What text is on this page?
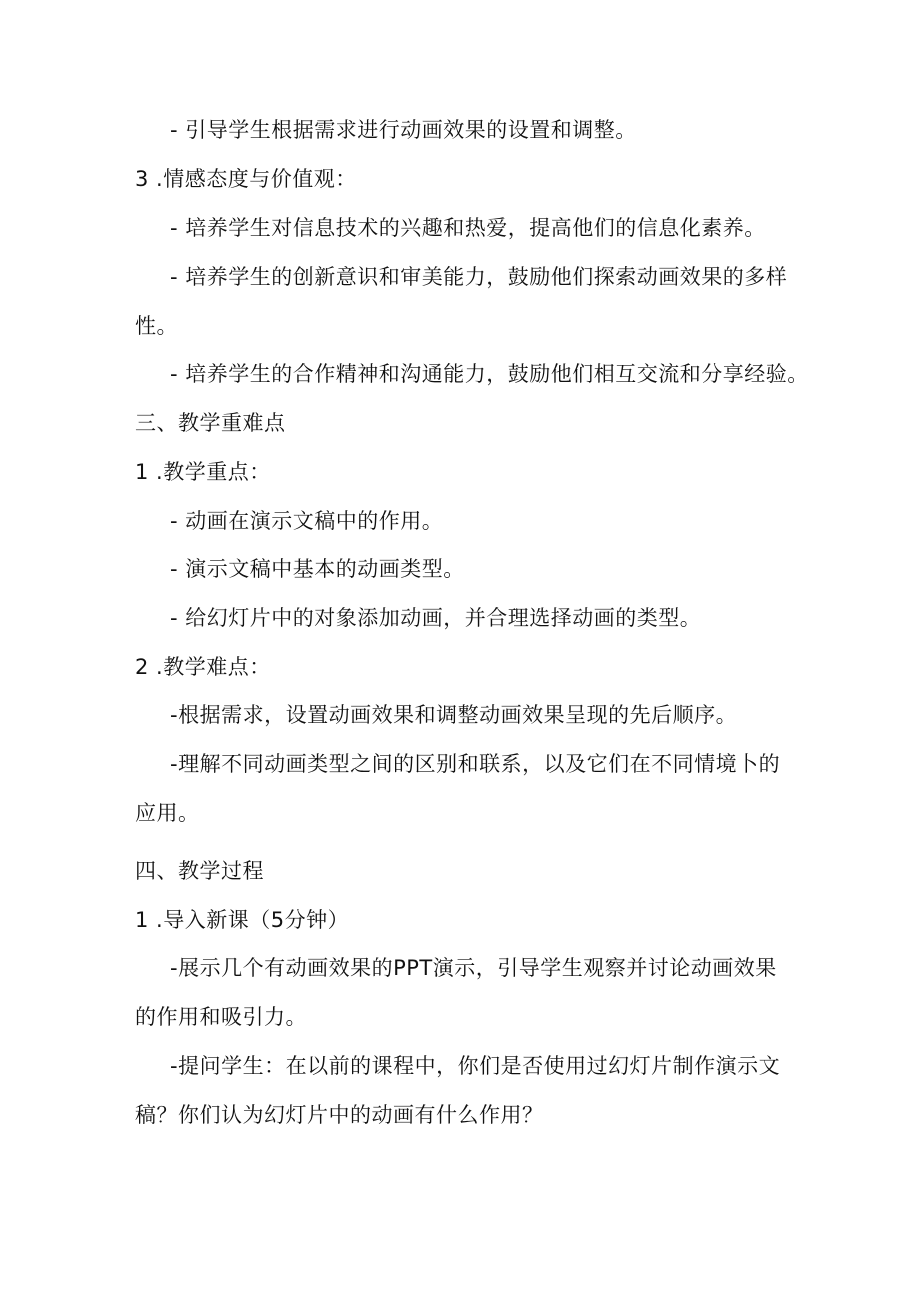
- 引导学生根据需求进行动画效果的设置和调整。
3 .情感态度与价值观：
- 培养学生对信息技术的兴趣和热爱，提高他们的信息化素养。
- 培养学生的创新意识和审美能力，鼓励他们探索动画效果的多样
性。
- 培养学生的合作精神和沟通能力，鼓励他们相互交流和分享经验。
三、教学重难点
1 .教学重点：
- 动画在演示文稿中的作用。
- 演示文稿中基本的动画类型。
- 给幻灯片中的对象添加动画，并合理选择动画的类型。
2 .教学难点：
-根据需求，设置动画效果和调整动画效果呈现的先后顺序。
-理解不同动画类型之间的区别和联系，以及它们在不同情境卜的
应用。
四、教学过程
1 .导入新课（5分钟）
-展示几个有动画效果的PPT演示，引导学生观察并讨论动画效果
的作用和吸引力。
-提问学生：在以前的课程中，你们是否使用过幻灯片制作演示文
稿？你们认为幻灯片中的动画有什么作用？
